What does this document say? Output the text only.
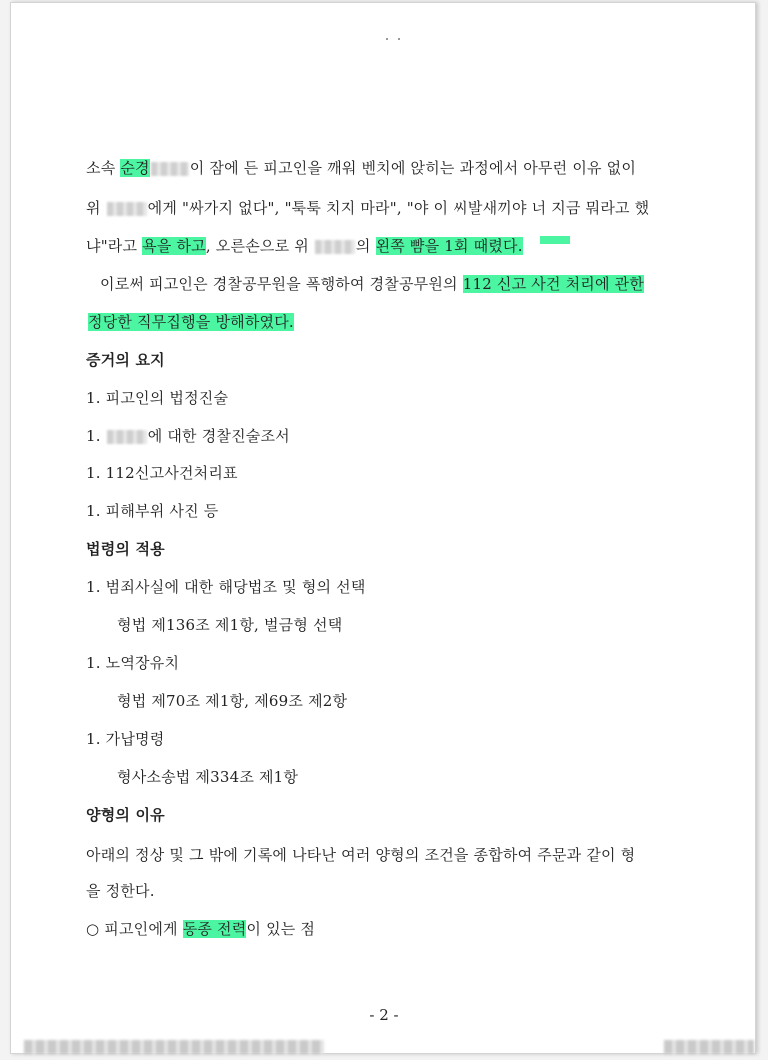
소속 순경	이 잠에 든 피고인을 깨워 벤치에 앉히는 과정에서 아무런 이유 없이
위	에게 "싸가지 없다", "툭툭 치지 마라", "야 이 씨발새끼야 너 지금 뭐라고 했
냐"라고 욕을 하고, 오른손으로 위	의 왼쪽 뺨을 1회 때렸다.
이로써 피고인은 경찰공무원을 폭행하여 경찰공무원의 112 신고 사건 처리에 관한
정당한 직무집행을 방해하였다.
증거의 요지
1. 피고인의 법정진술
1.	에 대한 경찰진술조서
1. 112신고사건처리표
1. 피해부위 사진 등
법령의 적용
1. 범죄사실에 대한 해당법조 및 형의 선택
형법 제136조 제1항, 벌금형 선택
1. 노역장유치
형법 제70조 제1항, 제69조 제2항
1. 가납명령
형사소송법 제334조 제1항
양형의 이유
아래의 정상 및 그 밖에 기록에 나타난 여러 양형의 조건을 종합하여 주문과 같이 형
을 정한다.
○ 피고인에게 동종 전력이 있는 점
- 2 -
